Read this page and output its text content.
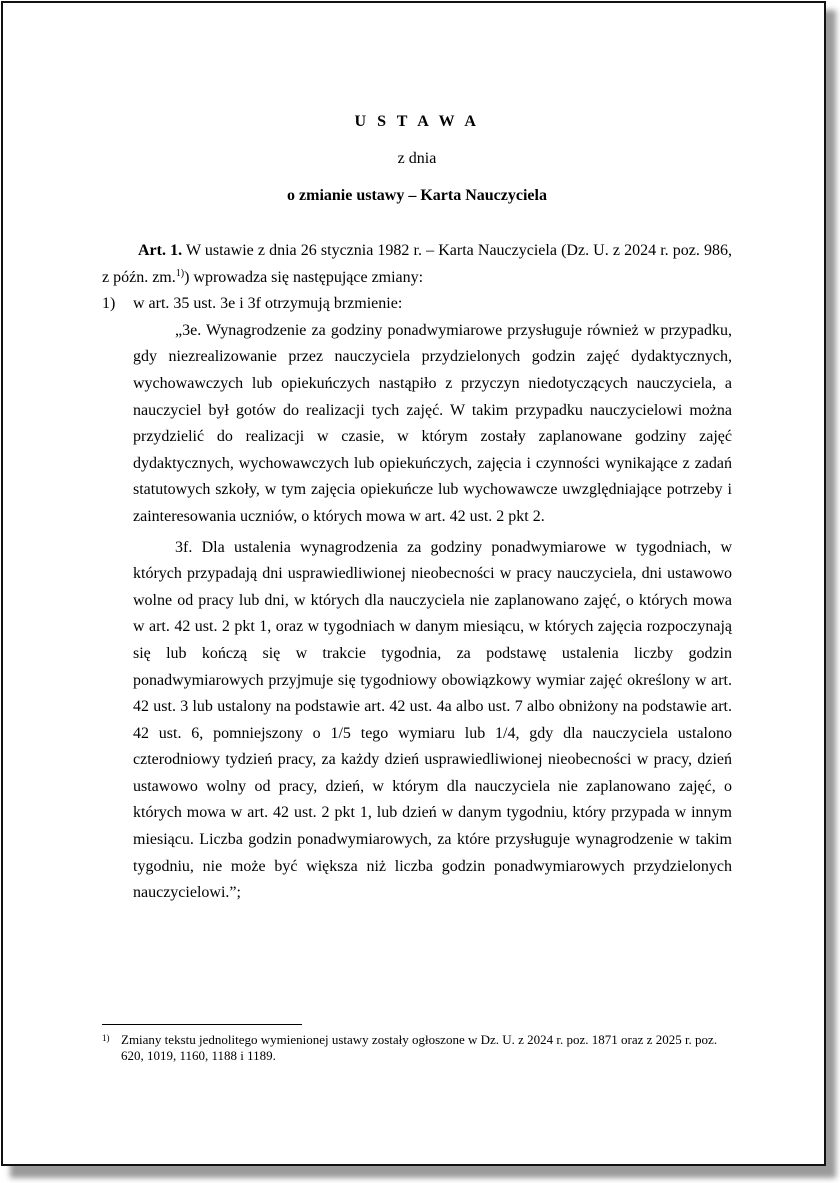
U S T A W A
z dnia
o zmianie ustawy – Karta Nauczyciela

Art. 1. W ustawie z dnia 26 stycznia 1982 r. – Karta Nauczyciela (Dz. U. z 2024 r. poz. 986, z późn. zm.$^{1)}$) wprowadza się następujące zmiany:

1)	w art. 35 ust. 3e i 3f otrzymują brzmienie:

„3e. Wynagrodzenie za godziny ponadwymiarowe przysługuje również w przypadku, gdy niezrealizowanie przez nauczyciela przydzielonych godzin zajęć dydaktycznych, wychowawczych lub opiekuńczych nastąpiło z przyczyn niedotyczących nauczyciela, a nauczyciel był gotów do realizacji tych zajęć. W takim przypadku nauczycielowi można przydzielić do realizacji w czasie, w którym zostały zaplanowane godziny zajęć dydaktycznych, wychowawczych lub opiekuńczych, zajęcia i czynności wynikające z zadań statutowych szkoły, w tym zajęcia opiekuńcze lub wychowawcze uwzględniające potrzeby i zainteresowania uczniów, o których mowa w art. 42 ust. 2 pkt 2.

3f. Dla ustalenia wynagrodzenia za godziny ponadwymiarowe w tygodniach, w których przypadają dni usprawiedliwionej nieobecności w pracy nauczyciela, dni ustawowo wolne od pracy lub dni, w których dla nauczyciela nie zaplanowano zajęć, o których mowa w art. 42 ust. 2 pkt 1, oraz w tygodniach w danym miesiącu, w których zajęcia rozpoczynają się lub kończą się w trakcie tygodnia, za podstawę ustalenia liczby godzin ponadwymiarowych przyjmuje się tygodniowy obowiązkowy wymiar zajęć określony w art. 42 ust. 3 lub ustalony na podstawie art. 42 ust. 4a albo ust. 7 albo obniżony na podstawie art. 42 ust. 6, pomniejszony o 1/5 tego wymiaru lub 1/4, gdy dla nauczyciela ustalono czterodniowy tydzień pracy, za każdy dzień usprawiedliwionej nieobecności w pracy, dzień ustawowo wolny od pracy, dzień, w którym dla nauczyciela nie zaplanowano zajęć, o których mowa w art. 42 ust. 2 pkt 1, lub dzień w danym tygodniu, który przypada w innym miesiącu. Liczba godzin ponadwymiarowych, za które przysługuje wynagrodzenie w takim tygodniu, nie może być większa niż liczba godzin ponadwymiarowych przydzielonych nauczycielowi.”;

1) Zmiany tekstu jednolitego wymienionej ustawy zostały ogłoszone w Dz. U. z 2024 r. poz. 1871 oraz z 2025 r. poz. 620, 1019, 1160, 1188 i 1189.
